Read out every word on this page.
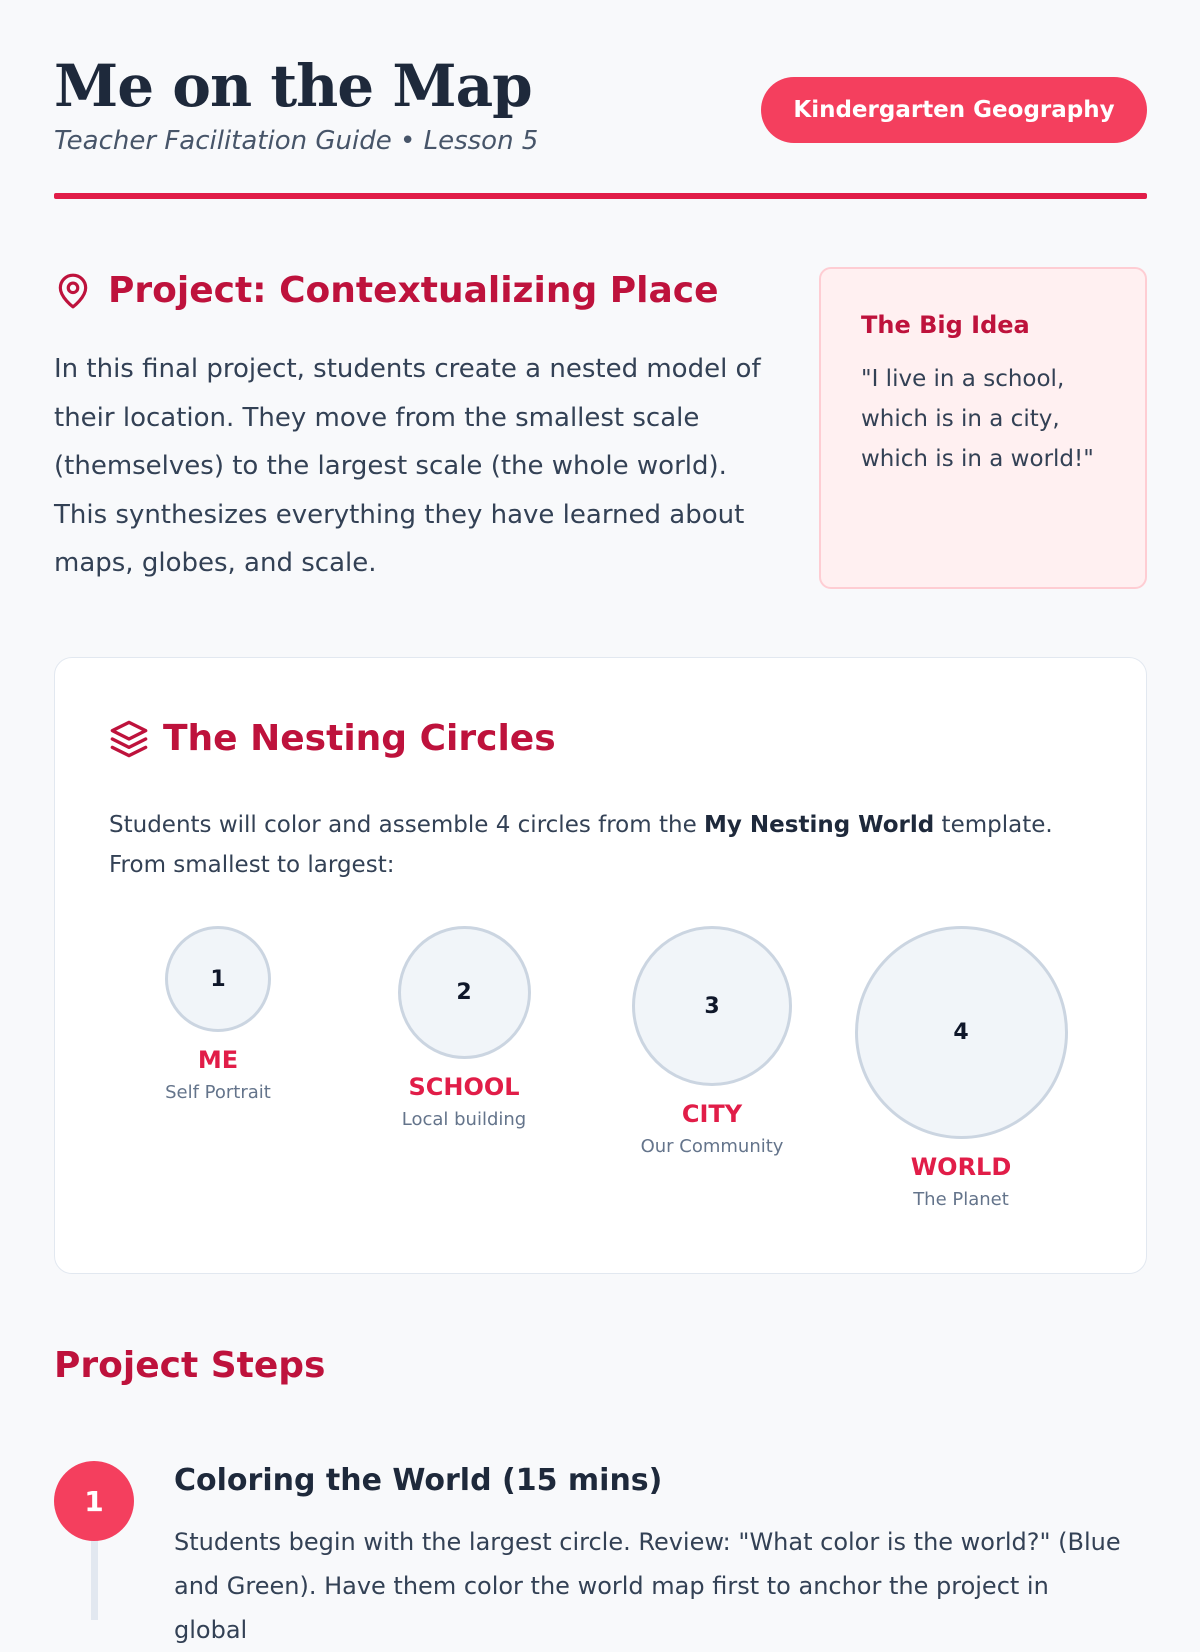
Me on the Map
Teacher Facilitation Guide • Lesson 5
Kindergarten Geography
Project: Contextualizing Place

In this final project, students create a nested model of their location. They move from the smallest scale (themselves) to the largest scale (the whole world). This synthesizes everything they have learned about maps, globes, and scale.

The Big Idea
"I live in a school, which is in a city, which is in a world!"
The Nesting Circles

Students will color and assemble 4 circles from the My Nesting World template. From smallest to largest:

1
ME
Self Portrait
2
SCHOOL
Local building
3
CITY
Our Community
4
WORLD
The Planet
Project Steps
1
Coloring the World (15 mins)

Students begin with the largest circle. Review: "What color is the world?" (Blue and Green). Have them color the world map first to anchor the project in global
